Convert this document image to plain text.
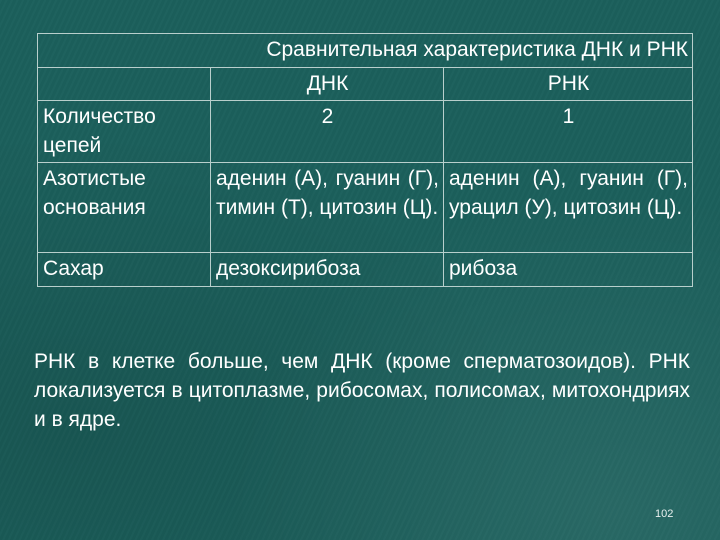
Сравнительная характеристика ДНК и РНК		
	ДНК	РНК
Количество цепей	2	1
Азотистые основания	аденин (А), гуанин (Г), тимин (Т), цитозин (Ц).	аденин (А), гуанин (Г), урацил (У), цитозин (Ц).
Сахар	дезоксирибоза	рибоза
РНК в клетке больше, чем ДНК (кроме сперматозоидов). РНК локализуется в цитоплазме, рибосомах, полисомах, митохондриях и в ядре.
102
